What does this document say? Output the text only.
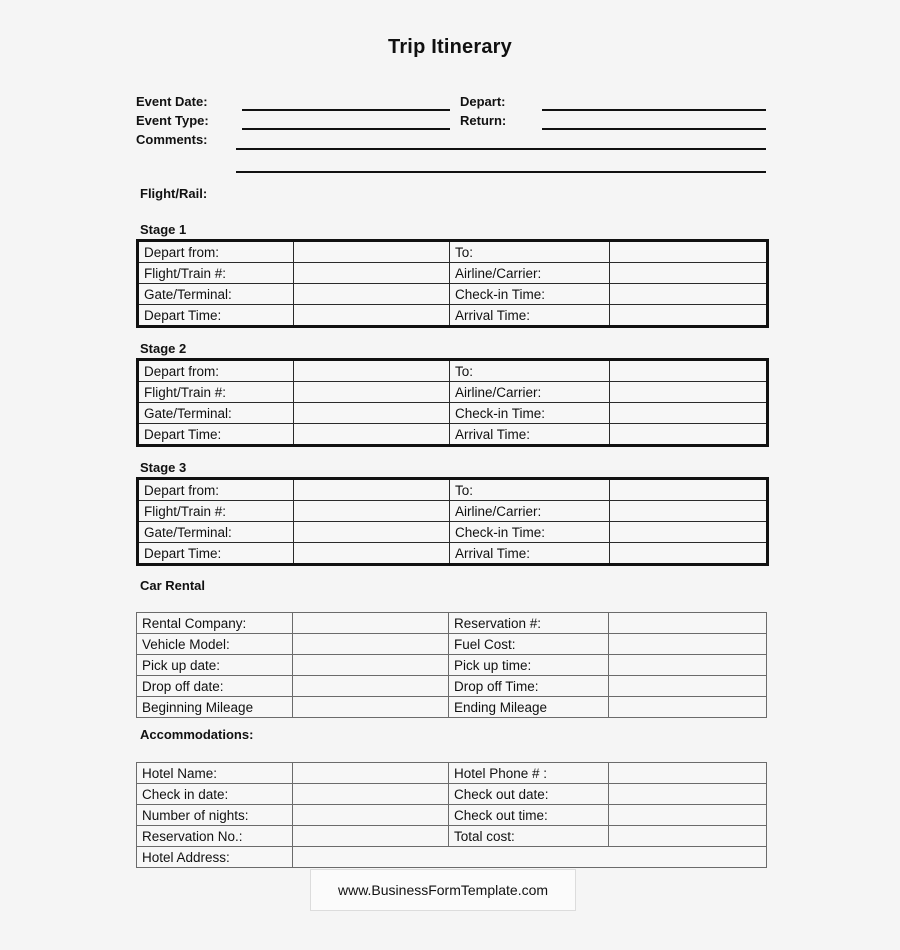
Trip Itinerary
Event Date:	Depart:
Event Type:	Return:
Comments:
Flight/Rail:
Stage 1
Depart from:		To:	
Flight/Train #:		Airline/Carrier:	
Gate/Terminal:		Check-in Time:	
Depart Time:		Arrival Time:	
Stage 2
Depart from:		To:	
Flight/Train #:		Airline/Carrier:	
Gate/Terminal:		Check-in Time:	
Depart Time:		Arrival Time:	
Stage 3
Depart from:		To:	
Flight/Train #:		Airline/Carrier:	
Gate/Terminal:		Check-in Time:	
Depart Time:		Arrival Time:	
Car Rental
Rental Company:		Reservation #:	
Vehicle Model:		Fuel Cost:	
Pick up date:		Pick up time:	
Drop off date:		Drop off Time:	
Beginning Mileage		Ending Mileage	
Accommodations:
Hotel Name:		Hotel Phone # :	
Check in date:		Check out date:	
Number of nights:		Check out time:	
Reservation No.:		Total cost:	
Hotel Address:			
www.BusinessFormTemplate.com
